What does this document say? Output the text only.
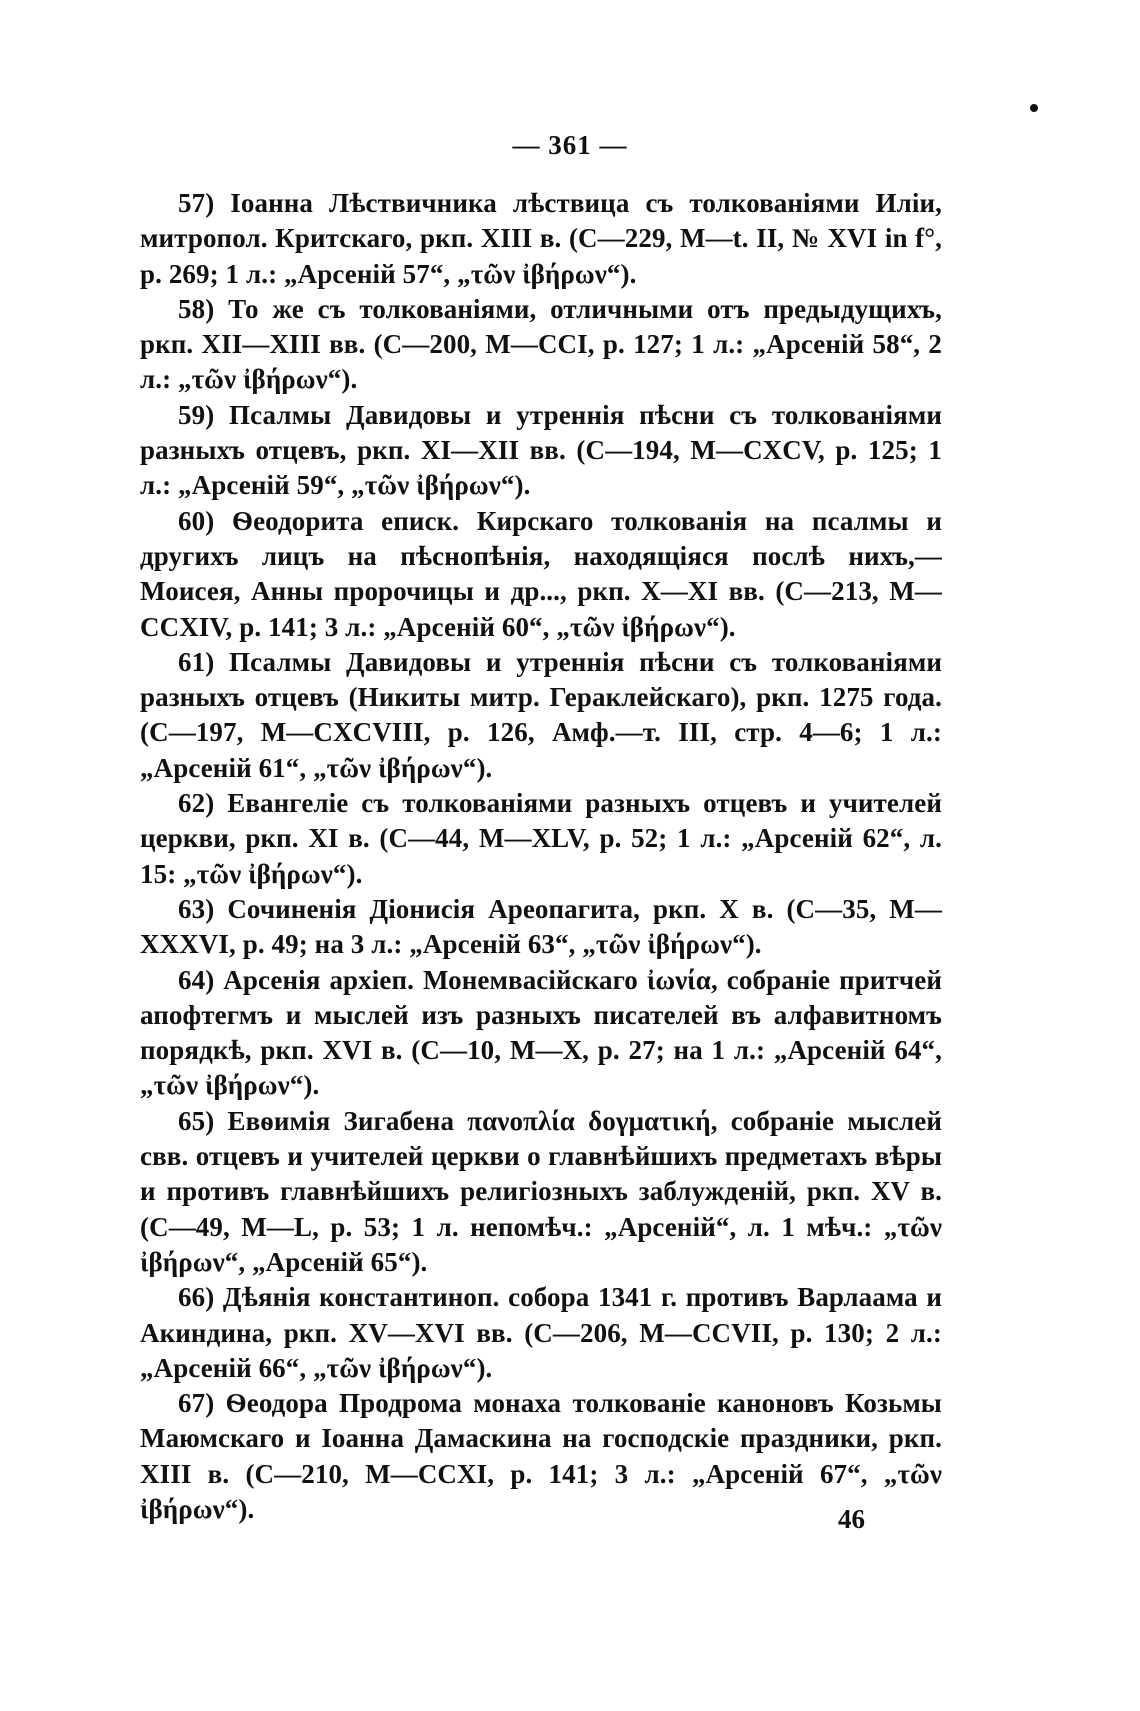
— 361 —

57) Іоанна Лѣствичника лѣствица съ толкованіями Иліи, митропол. Критскаго, ркп. XIII в. (C—229, M—t. II, № XVI in f°, p. 269; 1 л.: „Арсеній 57“, „τῶν ἰβήρων“).

58) То же съ толкованіями, отличными отъ предыдущихъ, ркп. XII—XIII вв. (C—200, M—CCI, p. 127; 1 л.: „Арсеній 58“, 2 л.: „τῶν ἰβήρων“).

59) Псалмы Давидовы и утреннія пѣсни съ толкованіями разныхъ отцевъ, ркп. XI—XII вв. (C—194, M—CXCV, p. 125; 1 л.: „Арсеній 59“, „τῶν ἰβήρων“).

60) Ѳеодорита еписк. Кирскаго толкованія на псалмы и другихъ лицъ на пѣснопѣнія, находящіяся послѣ нихъ,—Моисея, Анны пророчицы и др..., ркп. X—XI вв. (C—213, M—CCXIV, p. 141; 3 л.: „Арсеній 60“, „τῶν ἰβήρων“).

61) Псалмы Давидовы и утреннія пѣсни съ толкованіями разныхъ отцевъ (Никиты митр. Гераклейскаго), ркп. 1275 года. (C—197, M—CXCVIII, p. 126, Амф.—т. III, стр. 4—6; 1 л.: „Арсеній 61“, „τῶν ἰβήρων“).

62) Евангеліе съ толкованіями разныхъ отцевъ и учителей церкви, ркп. XI в. (C—44, M—XLV, p. 52; 1 л.: „Арсеній 62“, л. 15: „τῶν ἰβήρων“).

63) Сочиненія Діонисія Ареопагита, ркп. X в. (C—35, M—XXXVI, p. 49; на 3 л.: „Арсеній 63“, „τῶν ἰβήρων“).

64) Арсенія архіеп. Монемвасійскаго ἰωνία, собраніе притчей апофтегмъ и мыслей изъ разныхъ писателей въ алфавитномъ порядкѣ, ркп. XVI в. (C—10, M—X, p. 27; на 1 л.: „Арсеній 64“, „τῶν ἰβήρων“).

65) Евѳимія Зигабена πανοπλία δογματική, собраніе мыслей свв. отцевъ и учителей церкви о главнѣйшихъ предметахъ вѣры и противъ главнѣйшихъ религіозныхъ заблужденій, ркп. XV в. (C—49, M—L, p. 53; 1 л. непомѣч.: „Арсеній“, л. 1 мѣч.: „τῶν ἰβήρων“, „Арсеній 65“).

66) Дѣянія константиноп. собора 1341 г. противъ Варлаама и Акиндина, ркп. XV—XVI вв. (C—206, M—CCVII, p. 130; 2 л.: „Арсеній 66“, „τῶν ἰβήρων“).

67) Ѳеодора Продрома монаха толкованіе каноновъ Козьмы Маюмскаго и Іоанна Дамаскина на господскіе праздники, ркп. XIII в. (C—210, M—CCXI, p. 141; 3 л.: „Арсеній 67“, „τῶν ἰβήρων“).	46
